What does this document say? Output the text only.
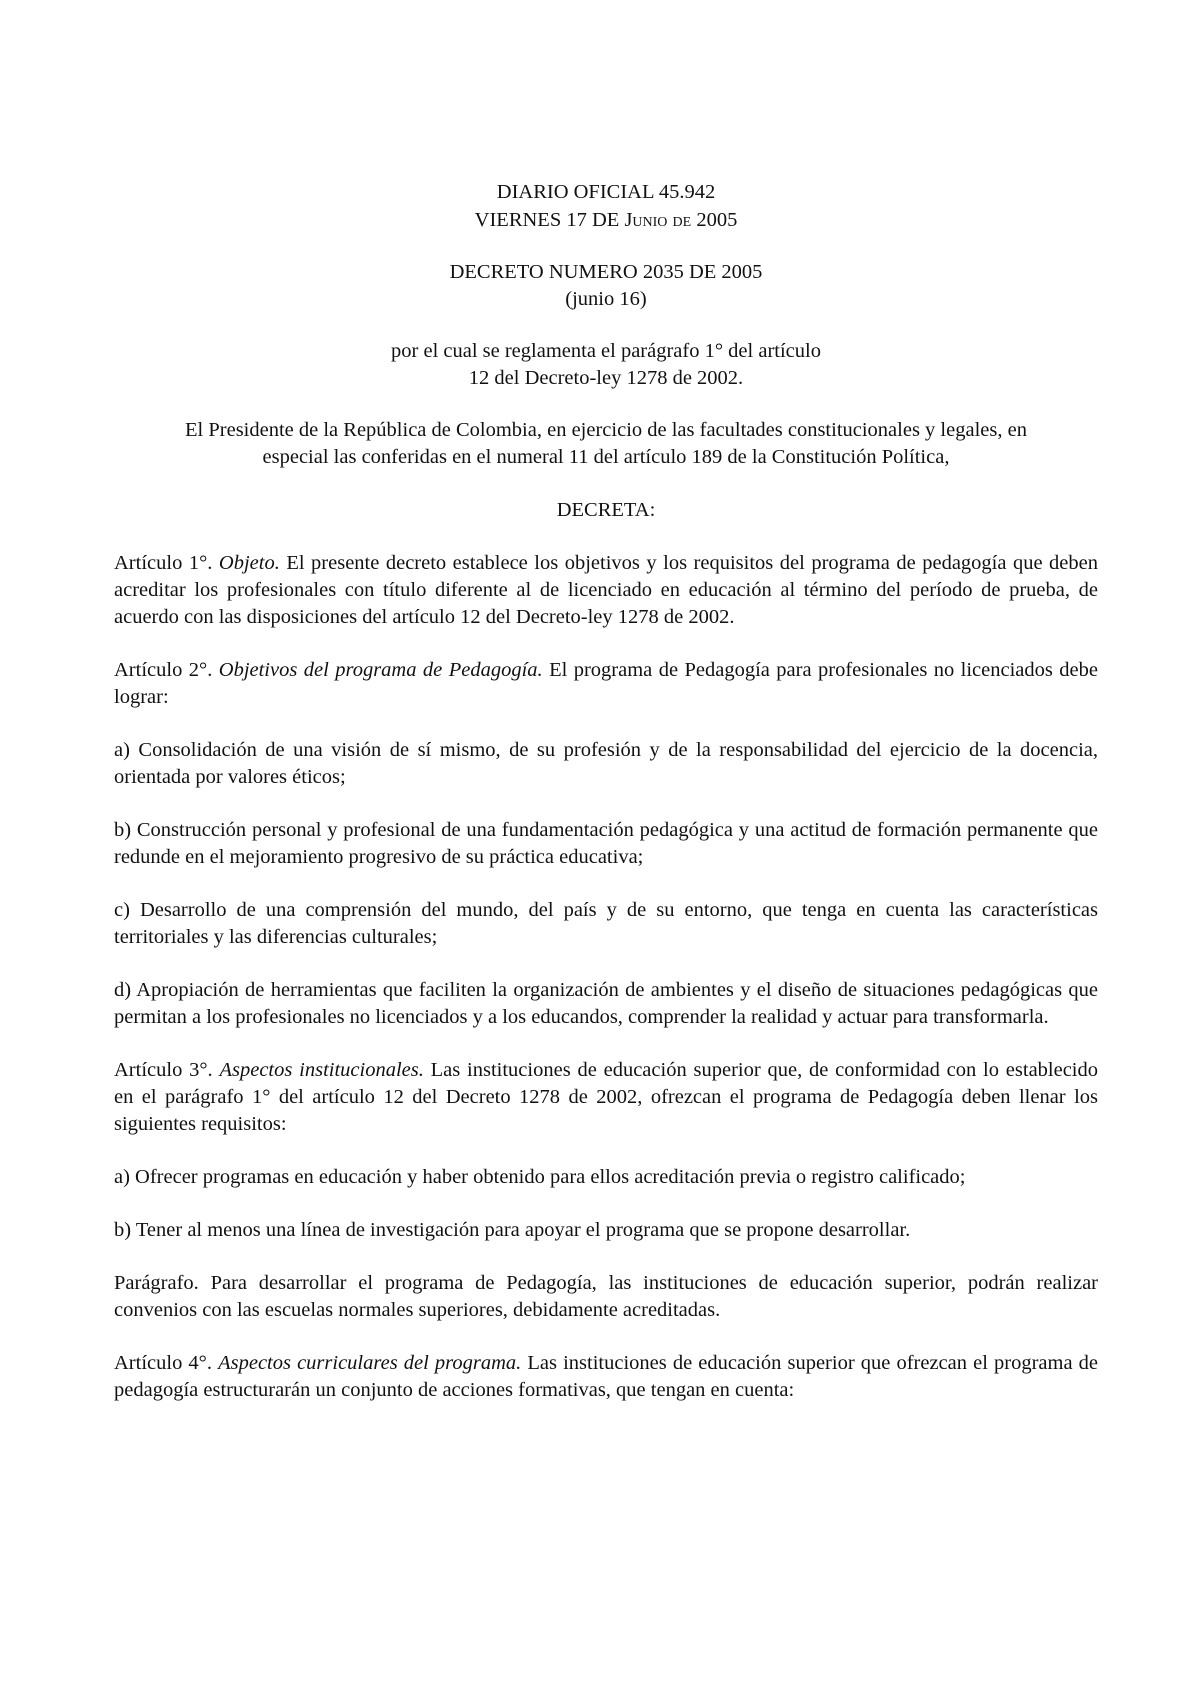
DIARIO OFICIAL 45.942
VIERNES 17 DE Junio de 2005
DECRETO NUMERO 2035 DE 2005
(junio 16)
por el cual se reglamenta el parágrafo 1° del artículo
12 del Decreto-ley 1278 de 2002.
El Presidente de la República de Colombia, en ejercicio de las facultades constitucionales y legales, en
especial las conferidas en el numeral 11 del artículo 189 de la Constitución Política,
DECRETA:

Artículo 1°. Objeto. El presente decreto establece los objetivos y los requisitos del programa de pedagogía que deben acreditar los profesionales con título diferente al de licenciado en educación al término del período de prueba, de acuerdo con las disposiciones del artículo 12 del Decreto-ley 1278 de 2002.

Artículo 2°. Objetivos del programa de Pedagogía. El programa de Pedagogía para profesionales no licenciados debe lograr:

a) Consolidación de una visión de sí mismo, de su profesión y de la responsabilidad del ejercicio de la docencia, orientada por valores éticos;

b) Construcción personal y profesional de una fundamentación pedagógica y una actitud de formación permanente que redunde en el mejoramiento progresivo de su práctica educativa;

c) Desarrollo de una comprensión del mundo, del país y de su entorno, que tenga en cuenta las características territoriales y las diferencias culturales;

d) Apropiación de herramientas que faciliten la organización de ambientes y el diseño de situaciones pedagógicas que permitan a los profesionales no licenciados y a los educandos, comprender la realidad y actuar para transformarla.

Artículo 3°. Aspectos institucionales. Las instituciones de educación superior que, de conformidad con lo establecido en el parágrafo 1° del artículo 12 del Decreto 1278 de 2002, ofrezcan el programa de Pedagogía deben llenar los siguientes requisitos:

a) Ofrecer programas en educación y haber obtenido para ellos acreditación previa o registro calificado;

b) Tener al menos una línea de investigación para apoyar el programa que se propone desarrollar.

Parágrafo. Para desarrollar el programa de Pedagogía, las instituciones de educación superior, podrán realizar convenios con las escuelas normales superiores, debidamente acreditadas.

Artículo 4°. Aspectos curriculares del programa. Las instituciones de educación superior que ofrezcan el programa de pedagogía estructurarán un conjunto de acciones formativas, que tengan en cuenta:
